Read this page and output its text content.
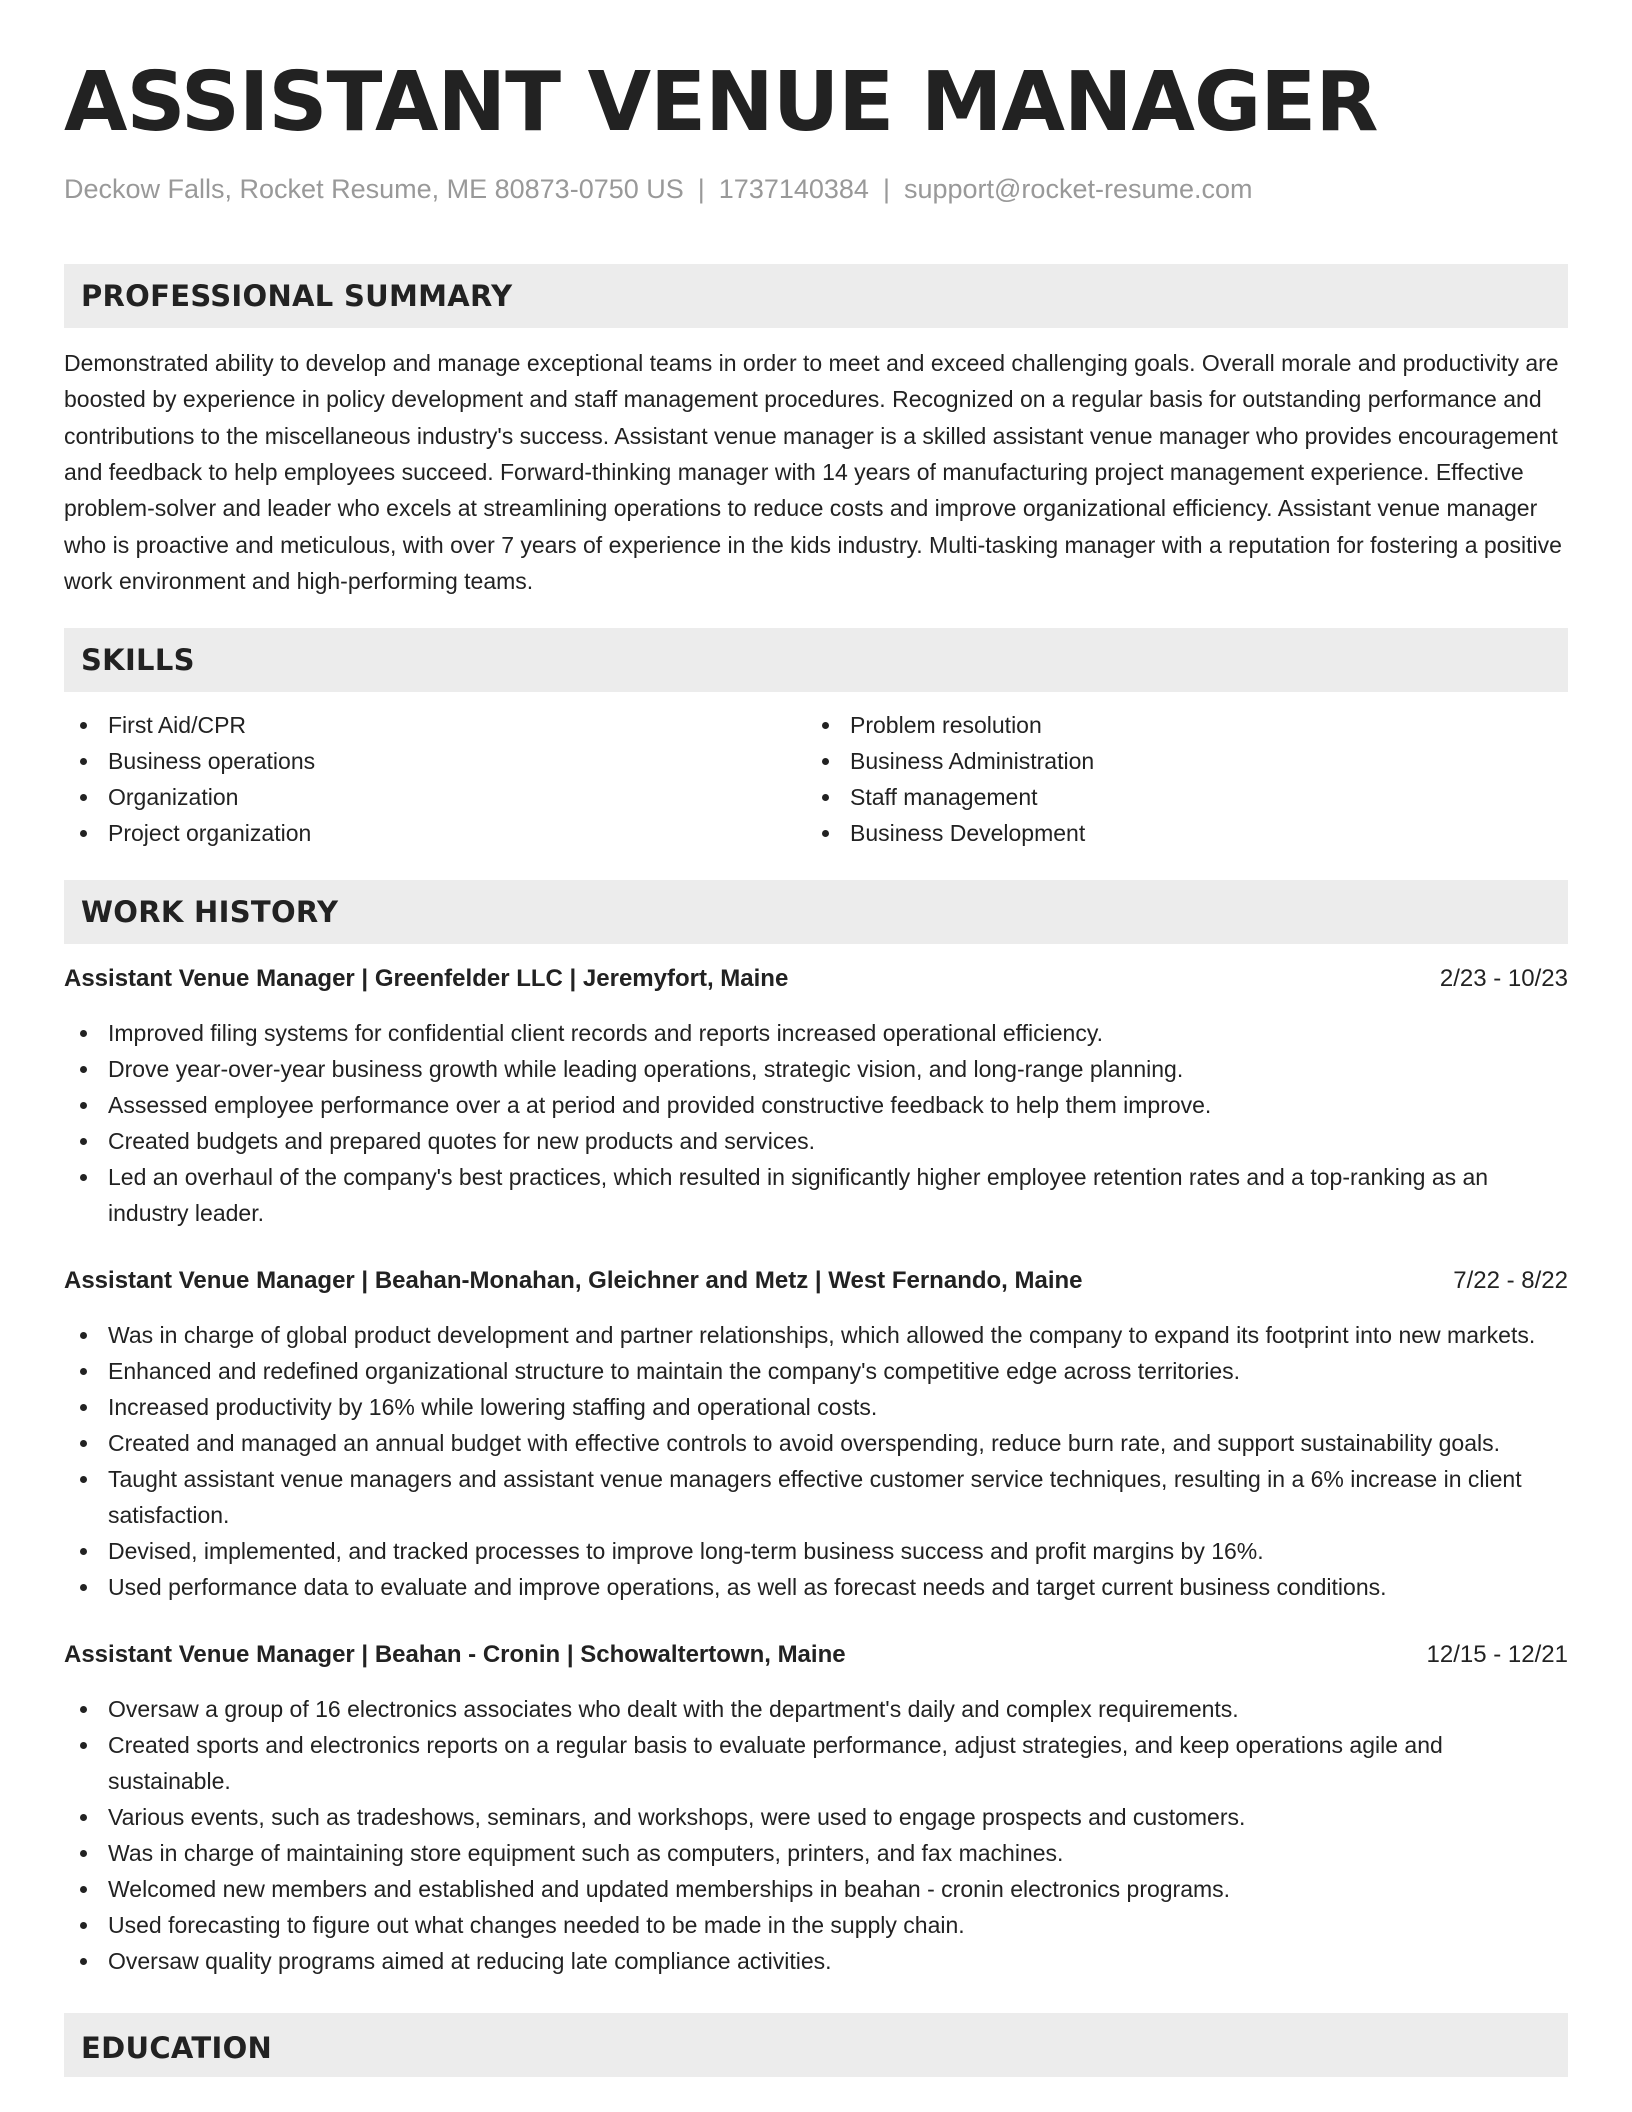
ASSISTANT VENUE MANAGER
Deckow Falls, Rocket Resume, ME 80873-0750 US | 1737140384 | support@rocket-resume.com
PROFESSIONAL SUMMARY
Demonstrated ability to develop and manage exceptional teams in order to meet and exceed challenging goals. Overall morale and productivity are boosted by experience in policy development and staff management procedures. Recognized on a regular basis for outstanding performance and contributions to the miscellaneous industry's success. Assistant venue manager is a skilled assistant venue manager who provides encouragement and feedback to help employees succeed. Forward-thinking manager with 14 years of manufacturing project management experience. Effective problem-solver and leader who excels at streamlining operations to reduce costs and improve organizational efficiency. Assistant venue manager who is proactive and meticulous, with over 7 years of experience in the kids industry. Multi-tasking manager with a reputation for fostering a positive work environment and high-performing teams.
SKILLS
First Aid/CPR
Business operations
Organization
Project organization
Problem resolution
Business Administration
Staff management
Business Development
WORK HISTORY
Assistant Venue Manager | Greenfelder LLC | Jeremyfort, Maine	2/23 - 10/23
Improved filing systems for confidential client records and reports increased operational efficiency.
Drove year-over-year business growth while leading operations, strategic vision, and long-range planning.
Assessed employee performance over a at period and provided constructive feedback to help them improve.
Created budgets and prepared quotes for new products and services.
Led an overhaul of the company's best practices, which resulted in significantly higher employee retention rates and a top-ranking as an industry leader.
Assistant Venue Manager | Beahan-Monahan, Gleichner and Metz | West Fernando, Maine	7/22 - 8/22
Was in charge of global product development and partner relationships, which allowed the company to expand its footprint into new markets.
Enhanced and redefined organizational structure to maintain the company's competitive edge across territories.
Increased productivity by 16% while lowering staffing and operational costs.
Created and managed an annual budget with effective controls to avoid overspending, reduce burn rate, and support sustainability goals.
Taught assistant venue managers and assistant venue managers effective customer service techniques, resulting in a 6% increase in client satisfaction.
Devised, implemented, and tracked processes to improve long-term business success and profit margins by 16%.
Used performance data to evaluate and improve operations, as well as forecast needs and target current business conditions.
Assistant Venue Manager | Beahan - Cronin | Schowaltertown, Maine	12/15 - 12/21
Oversaw a group of 16 electronics associates who dealt with the department's daily and complex requirements.
Created sports and electronics reports on a regular basis to evaluate performance, adjust strategies, and keep operations agile and sustainable.
Various events, such as tradeshows, seminars, and workshops, were used to engage prospects and customers.
Was in charge of maintaining store equipment such as computers, printers, and fax machines.
Welcomed new members and established and updated memberships in beahan - cronin electronics programs.
Used forecasting to figure out what changes needed to be made in the supply chain.
Oversaw quality programs aimed at reducing late compliance activities.
EDUCATION
